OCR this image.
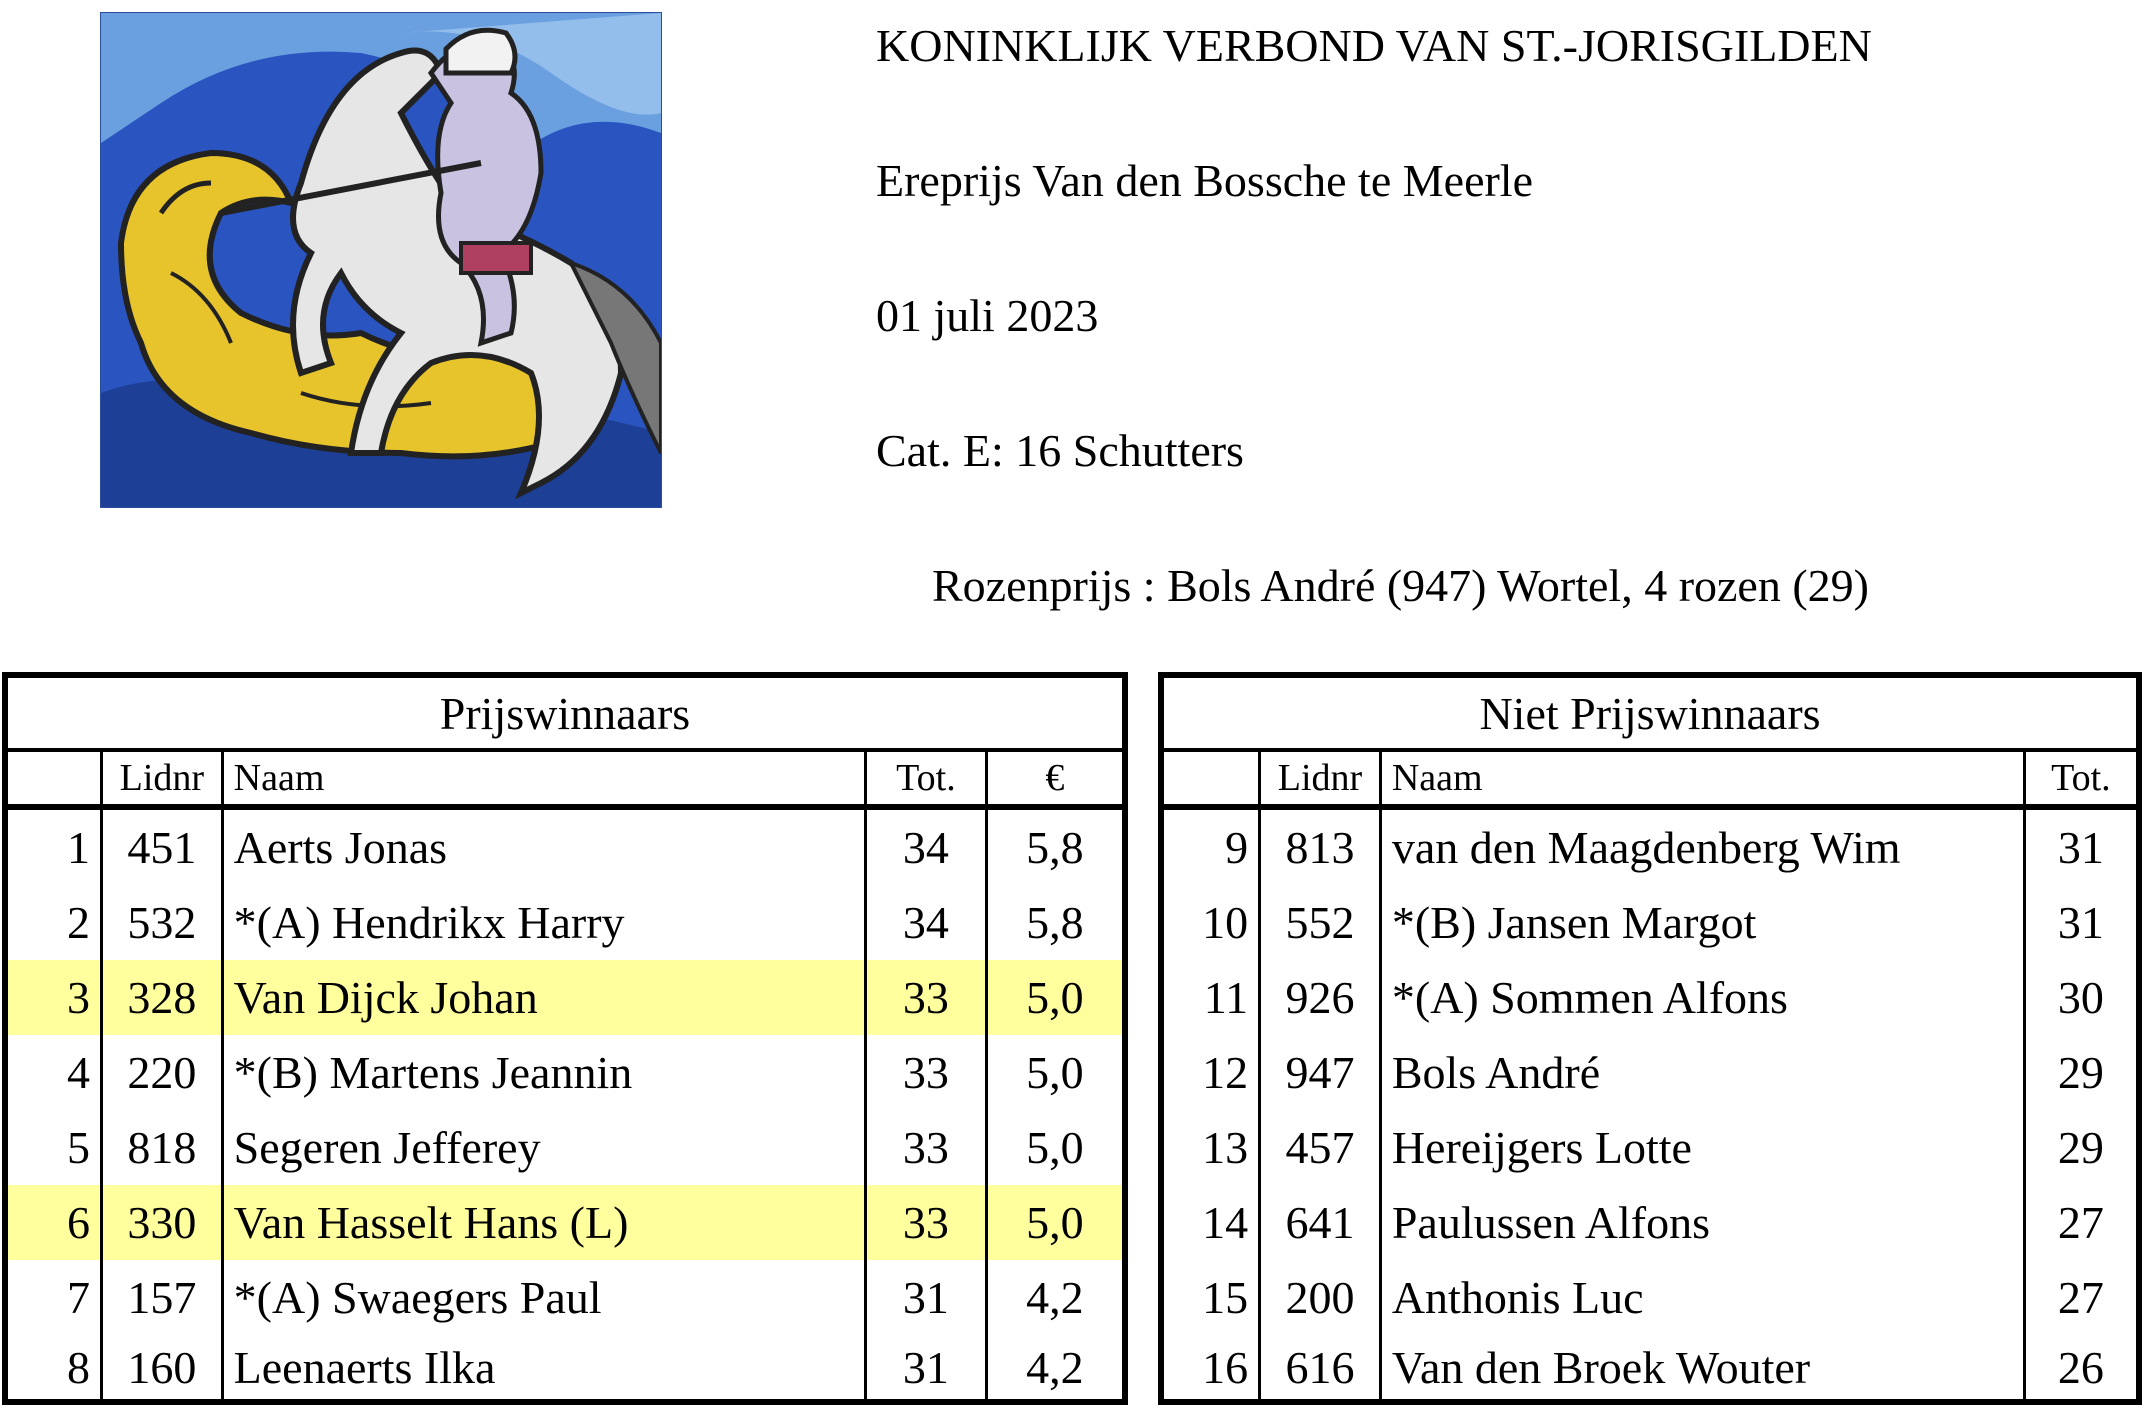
KONINKLIJK VERBOND VAN ST.-JORISGILDEN
Ereprijs Van den Bossche te Meerle
01 juli 2023
Cat. E: 16 Schutters
Rozenprijs : Bols André (947) Wortel, 4 rozen (29)
Prijswinnaars				
	Lidnr	Naam	Tot.	€
1	451	Aerts Jonas	34	5,8
2	532	*(A) Hendrikx Harry	34	5,8
3	328	Van Dijck Johan	33	5,0
4	220	*(B) Martens Jeannin	33	5,0
5	818	Segeren Jefferey	33	5,0
6	330	Van Hasselt Hans (L)	33	5,0
7	157	*(A) Swaegers Paul	31	4,2
8	160	Leenaerts Ilka	31	4,2
Niet Prijswinnaars			
	Lidnr	Naam	Tot.
9	813	van den Maagdenberg Wim	31
10	552	*(B) Jansen Margot	31
11	926	*(A) Sommen Alfons	30
12	947	Bols André	29
13	457	Hereijgers Lotte	29
14	641	Paulussen Alfons	27
15	200	Anthonis Luc	27
16	616	Van den Broek Wouter	26
